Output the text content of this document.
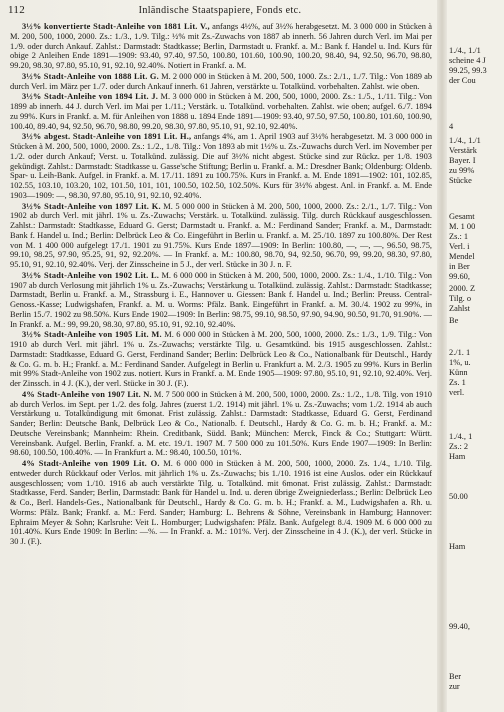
112	Inländische Staatspapiere, Fonds etc.

3½% konvertierte Stadt-Anleihe von 1881 Lit. V., anfangs 4½%, auf 3½% herabgesetzt. M. 3 000 000 in Stücken à M. 200, 500, 1000, 2000. Zs.: 1./3., 1./9. Tilg.: ½% mit Zs.-Zuwachs von 1887 ab innerh. 56 Jahren durch Verl. im Mai per 1./9. oder durch Ankauf. Zahlst.: Darmstadt: Stadtkasse; Berlin, Darmstadt u. Frankf. a. M.: Bank f. Handel u. Ind. Kurs für obige 2 Anleihen Ende 1891—1909: 93.40, 97.40, 97.50, 100.80, 101.60, 100.90, 100.20, 98.40, 94, 92.50, 96.70, 98.80, 99.20, 98.30, 97.80, 95.10, 91, 92.10, 92.40%. Notiert in Frankf. a. M.

3½% Stadt-Anleihe von 1888 Lit. G. M. 2 000 000 in Stücken à M. 200, 500, 1000. Zs.: 2./1., 1./7. Tilg.: Von 1889 ab durch Verl. im März per 1./7. oder durch Ankauf innerh. 61 Jahren, verstärkte u. Totalkünd. vorbehalten. Zahlst. wie oben.

3½% Stadt-Anleihe von 1894 Lit. J. M. 3 000 000 in Stücken à M. 200, 500, 1000, 2000. Zs.: 1./5., 1./11. Tilg.: Von 1899 ab innerh. 44 J. durch Verl. im Mai per 1./11.; Verstärk. u. Totalkünd. vorbehalten. Zahlst. wie oben; aufgel. 6./7. 1894 zu 99%. Kurs in Frankf. a. M. für Anleihen von 1888 u. 1894 Ende 1891—1909: 93.40, 97.50, 97.50, 100.80, 101.60, 100.90, 100.40, 89.40, 94, 92.50, 96.70, 98.80, 99.20, 98.30, 97.80, 95.10, 91, 92.10, 92.40%.

3½% abgest. Stadt-Anleihe von 1891 Lit. H., anfangs 4%, am 1. April 1903 auf 3½% herabgesetzt. M. 3 000 000 in Stücken à M. 200, 500, 1000, 2000. Zs.: 1./2., 1./8. Tilg.: Von 1893 ab mit 1½% u. Zs.-Zuwachs durch Verl. im November per 1./2. oder durch Ankauf; Verst. u. Totalkünd. zulässig. Die auf 3½% nicht abgest. Stücke sind zur Rückz. per 1./8. 1903 gekündigt. Zahlst.: Darmstadt: Stadtkasse u. Gasse'sche Stiftung; Berlin u. Frankf. a. M.: Dresdner Bank; Oldenburg: Oldenb. Spar- u. Leih-Bank. Aufgel. in Frankf. a. M. 17./11. 1891 zu 100.75%. Kurs in Frankf. a. M. Ende 1891—1902: 101, 102.85, 102.55, 103.10, 103.20, 102, 101.50, 101, 101, 100.50, 102.50, 102.50%. Kurs für 3½% abgest. Anl. in Frankf. a. M. Ende 1903—1909: —, 98.30, 97.80, 95.10, 91, 92.10, 92.40%.

3½% Stadt-Anleihe von 1897 Lit. K. M. 5 000 000 in Stücken à M. 200, 500, 1000, 2000. Zs.: 2./1., 1./7. Tilg.: Von 1902 ab durch Verl. mit jährl. 1% u. Zs.-Zuwachs; Verstärk. u. Totalkünd. zulässig. Tilg. durch Rückkauf ausgeschlossen. Zahlst.: Darmstadt: Stadtkasse, Eduard G. Gerst; Darmstadt u. Frankf. a. M.: Ferdinand Sander; Frankf. a. M., Darmstadt: Bank f. Handel u. Ind.; Berlin: Delbrück Leo & Co. Eingeführt in Berlin u. Frankf. a. M. 25./10. 1897 zu 100.80%. Der Rest von M. 1 400 000 aufgelegt 17./1. 1901 zu 91.75%. Kurs Ende 1897—1909: In Berlin: 100.80, —, —, —, 96.50, 98.75, 99.10, 98.25, 97.90, 95.25, 91, 92, 92.20%. — In Frankf. a. M.: 100.80, 98.70, 94, 92.50, 96.70, 99, 99.20, 98.30, 97.80, 95.10, 91, 92.10, 92.40%. Verj. der Zinsscheine in 5 J., der verl. Stücke in 30 J. n. F.

3½% Stadt-Anleihe von 1902 Lit. L. M. 6 000 000 in Stücken à M. 200, 500, 1000, 2000. Zs.: 1./4., 1./10. Tilg.: Von 1907 ab durch Verlosung mit jährlich 1% u. Zs.-Zuwachs; Verstärkung u. Totalkünd. zulässig. Zahlst.: Darmstadt: Stadtkasse; Darmstadt, Berlin u. Frankf. a. M., Strassburg i. E., Hannover u. Giessen: Bank f. Handel u. Ind.; Berlin: Preuss. Central-Genoss.-Kasse; Ludwigshafen, Frankf. a. M. u. Worms: Pfälz. Bank. Eingeführt in Frankf. a. M. 30./4. 1902 zu 99%, in Berlin 15./7. 1902 zu 98.50%. Kurs Ende 1902—1909: In Berlin: 98.75, 99.10, 98.50, 97.90, 94.90, 90.50, 91.70, 91.90%. — In Frankf. a. M.: 99, 99.20, 98.30, 97.80, 95.10, 91, 92.10, 92.40%.

3½% Stadt-Anleihe von 1905 Lit. M. M. 6 000 000 in Stücken à M. 200, 500, 1000, 2000. Zs.: 1./3., 1./9. Tilg.: Von 1910 ab durch Verl. mit jährl. 1% u. Zs.-Zuwachs; verstärkte Tilg. u. Gesamtkünd. bis 1915 ausgeschlossen. Zahlst.: Darmstadt: Stadtkasse, Eduard G. Gerst, Ferdinand Sander; Berlin: Delbrück Leo & Co., Nationalbank für Deutschl., Hardy & Co. G. m. b. H.; Frankf. a. M.: Ferdinand Sander. Aufgelegt in Berlin u. Frankfurt a. M. 2./3. 1905 zu 99%. Kurs in Berlin mit 99% Stadt-Anleihe von 1902 zus. notiert. Kurs in Frankf. a. M. Ende 1905—1909: 97.80, 95.10, 91, 92.10, 92.40%. Verj. der Zinssch. in 4 J. (K.), der verl. Stücke in 30 J. (F.).

4% Stadt-Anleihe von 1907 Lit. N. M. 7 500 000 in Stücken à M. 200, 500, 1000, 2000. Zs.: 1./2., 1./8. Tilg. von 1910 ab durch Verlos. im Sept. per 1./2. des folg. Jahres (zuerst 1./2. 1914) mit jährl. 1% u. Zs.-Zuwachs; vom 1./2. 1914 ab auch Verstärkung u. Totalkündigung mit 6monat. Frist zulässig. Zahlst.: Darmstadt: Stadtkasse, Eduard G. Gerst, Ferdinand Sander; Berlin: Deutsche Bank, Delbrück Leo & Co., Nationalb. f. Deutschl., Hardy & Co. G. m. b. H.; Frankf. a. M.: Deutsche Vereinsbank; Mannheim: Rhein. Creditbank, Südd. Bank; München: Merck, Finck & Co.; Stuttgart: Württ. Vereinsbank. Aufgel. Berlin, Frankf. a. M. etc. 19./1. 1907 M. 7 500 000 zu 101.50%. Kurs Ende 1907—1909: In Berlin: 98.60, 100.50, 100.40%. — In Frankfurt a. M.: 98.40, 100.50, 101%.

4% Stadt-Anleihe von 1909 Lit. O. M. 6 000 000 in Stücken à M. 200, 500, 1000, 2000. Zs. 1./4., 1./10. Tilg. entweder durch Rückkauf oder Verlos. mit jährlich 1% u. Zs.-Zuwachs; bis 1./10. 1916 ist eine Auslos. oder ein Rückkauf ausgeschlossen; vom 1./10. 1916 ab auch verstärkte Tilg. u. Totalkünd. mit 6monat. Frist zulässig. Zahlst.: Darmstadt: Stadtkasse, Ferd. Sander; Berlin, Darmstadt: Bank für Handel u. Ind. u. deren übrige Zweigniederlass.; Berlin: Delbrück Leo & Co., Berl. Handels-Ges., Nationalbank für Deutschl., Hardy & Co. G. m. b. H.; Frankf. a. M., Ludwigshafen a. Rh. u. Worms: Pfälz. Bank; Frankf. a. M.: Ferd. Sander; Hamburg: L. Behrens & Söhne, Vereinsbank in Hamburg; Hannover: Ephraim Meyer & Sohn; Karlsruhe: Veit L. Homburger; Ludwigshafen: Pfälz. Bank. Aufgelegt 8./4. 1909 M. 6 000 000 zu 101.40%. Kurs Ende 1909: In Berlin: —%. — In Frankf. a. M.: 101%. Verj. der Zinsscheine in 4 J. (K.), der verl. Stücke in 30 J. (F.).

1./4., 1./1
scheine 4 J
99.25, 99.3
der Cou
4
1./4., 1./1
Verstärk
Bayer. I
zu 99%
Stücke
Gesamt
M. 1 00
Zs.: 1
Verl. i
Mendel
in Ber
99.60,
2000. Z
Tilg. o
Zahlst
Be
2./1. 1
1%, u.
Künn
Zs. 1
verl.
1./4., 1
Zs.: 2
Ham
50.00
Ham
99.40,
Ber
zur
